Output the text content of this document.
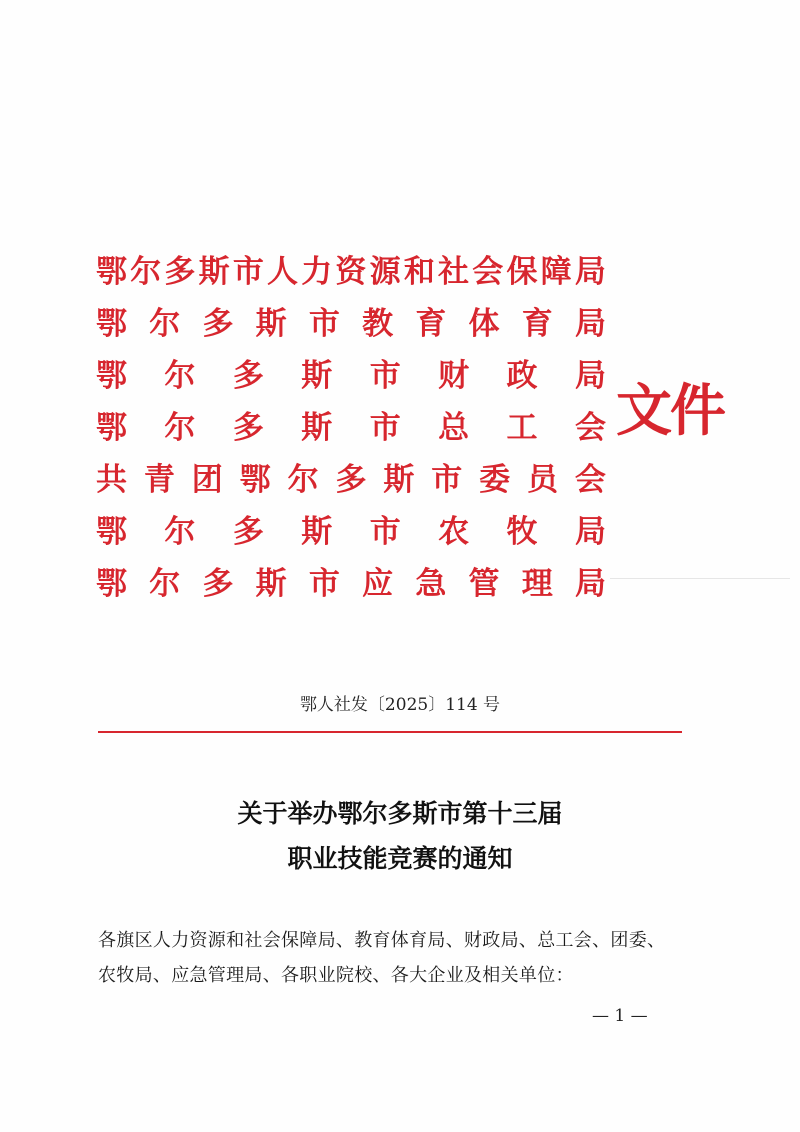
鄂 尔 多 斯 市 人 力 资 源 和 社 会 保 障 局
鄂 尔 多 斯 市 教 育 体 育 局
鄂 尔 多 斯 市 财 政 局
鄂 尔 多 斯 市 总 工 会
共 青 团 鄂 尔 多 斯 市 委 员 会
鄂 尔 多 斯 市 农 牧 局
鄂 尔 多 斯 市 应 急 管 理 局
文件
鄂人社发〔2025〕114 号
关于举办鄂尔多斯市第十三届
职业技能竞赛的通知
各旗区人力资源和社会保障局、教育体育局、财政局、总工会、团委、
农牧局、应急管理局、各职业院校、各大企业及相关单位：
— 1 —
